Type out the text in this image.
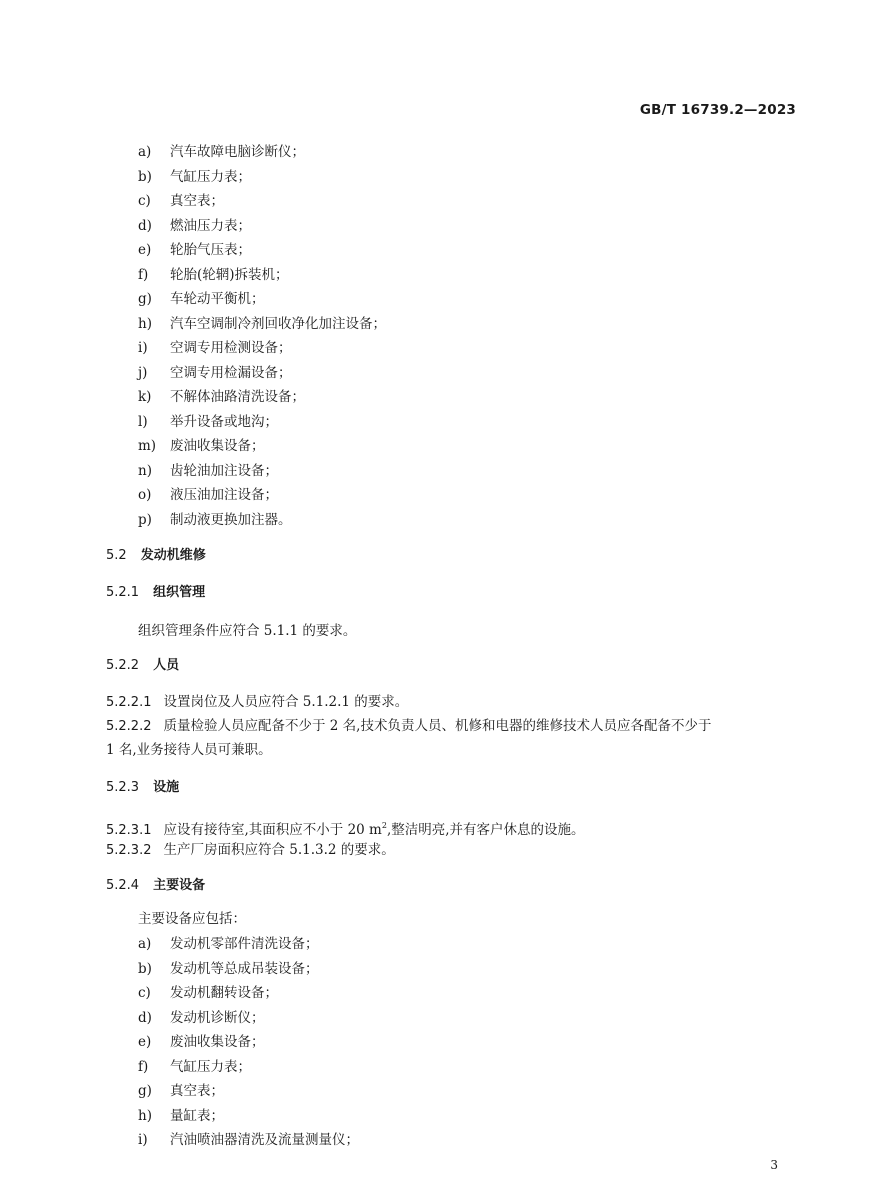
GB/T 16739.2—2023
a)	汽车故障电脑诊断仪；
b)	气缸压力表；
c)	真空表；
d)	燃油压力表；
e)	轮胎气压表；
f)	轮胎(轮辋)拆装机；
g)	车轮动平衡机；
h)	汽车空调制冷剂回收净化加注设备；
i)	空调专用检测设备；
j)	空调专用检漏设备；
k)	不解体油路清洗设备；
l)	举升设备或地沟；
m)	废油收集设备；
n)	齿轮油加注设备；
o)	液压油加注设备；
p)	制动液更换加注器。
5.2 发动机维修
5.2.1 组织管理
组织管理条件应符合 5.1.1 的要求。
5.2.2 人员
5.2.2.1 设置岗位及人员应符合 5.1.2.1 的要求。
5.2.2.2 质量检验人员应配备不少于 2 名,技术负责人员、机修和电器的维修技术人员应各配备不少于
1 名,业务接待人员可兼职。
5.2.3 设施
5.2.3.1 应设有接待室,其面积应不小于 20 $m^2$,整洁明亮,并有客户休息的设施。
5.2.3.2 生产厂房面积应符合 5.1.3.2 的要求。
5.2.4 主要设备
主要设备应包括：
a)	发动机零部件清洗设备；
b)	发动机等总成吊装设备；
c)	发动机翻转设备；
d)	发动机诊断仪；
e)	废油收集设备；
f)	气缸压力表；
g)	真空表；
h)	量缸表；
i)	汽油喷油器清洗及流量测量仪；
3
